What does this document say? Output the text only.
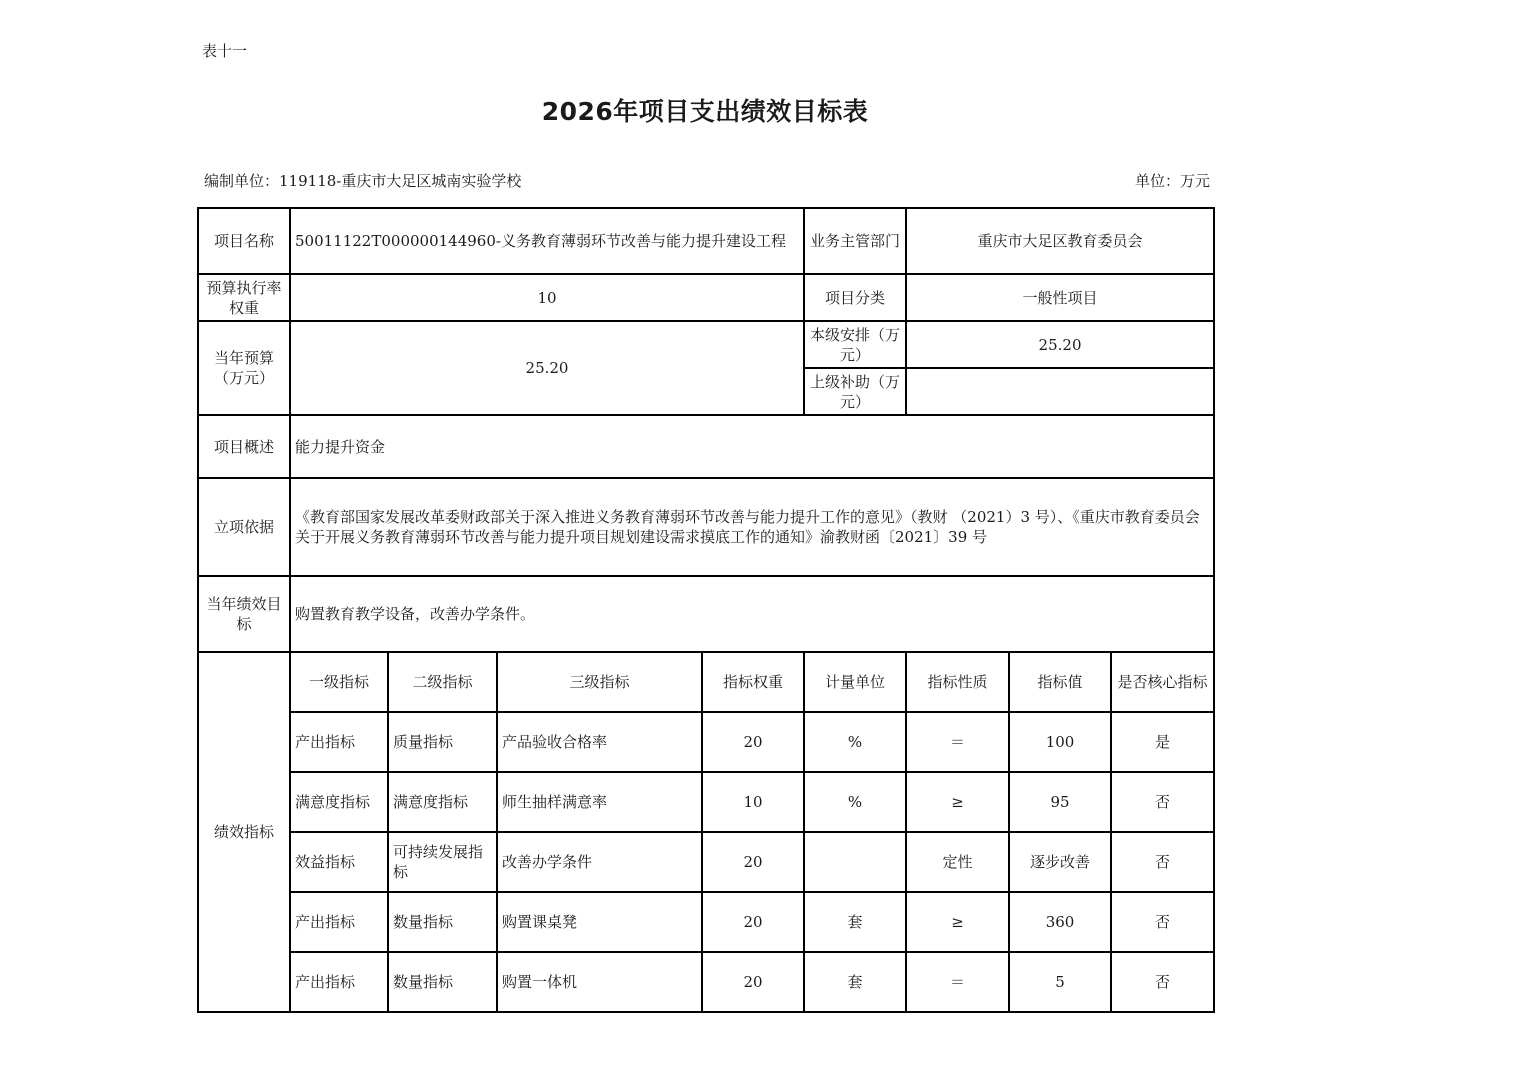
表十一
2026年项目支出绩效目标表
编制单位：119118-重庆市大足区城南实验学校	单位：万元
项目名称	50011122T000000144960-义务教育薄弱环节改善与能力提升建设工程				业务主管部门	重庆市大足区教育委员会		
预算执行率权重	10				项目分类	一般性项目		
当年预算（万元）	25.20				本级安排（万元）	25.20		
					上级补助（万元）			
项目概述	能力提升资金							
立项依据	《教育部国家发展改革委财政部关于深入推进义务教育薄弱环节改善与能力提升工作的意见》（教财 （2021）3 号）、《重庆市教育委员会关于开展义务教育薄弱环节改善与能力提升项目规划建设需求摸底工作的通知》渝教财函〔2021〕39 号							
当年绩效目标	购置教育教学设备，改善办学条件。							
绩效指标	一级指标	二级指标	三级指标	指标权重	计量单位	指标性质	指标值	是否核心指标
	产出指标	质量指标	产品验收合格率	20	%	＝	100	是
	满意度指标	满意度指标	师生抽样满意率	10	%	≥	95	否
	效益指标	可持续发展指标	改善办学条件	20		定性	逐步改善	否
	产出指标	数量指标	购置课桌凳	20	套	≥	360	否
	产出指标	数量指标	购置一体机	20	套	＝	5	否
